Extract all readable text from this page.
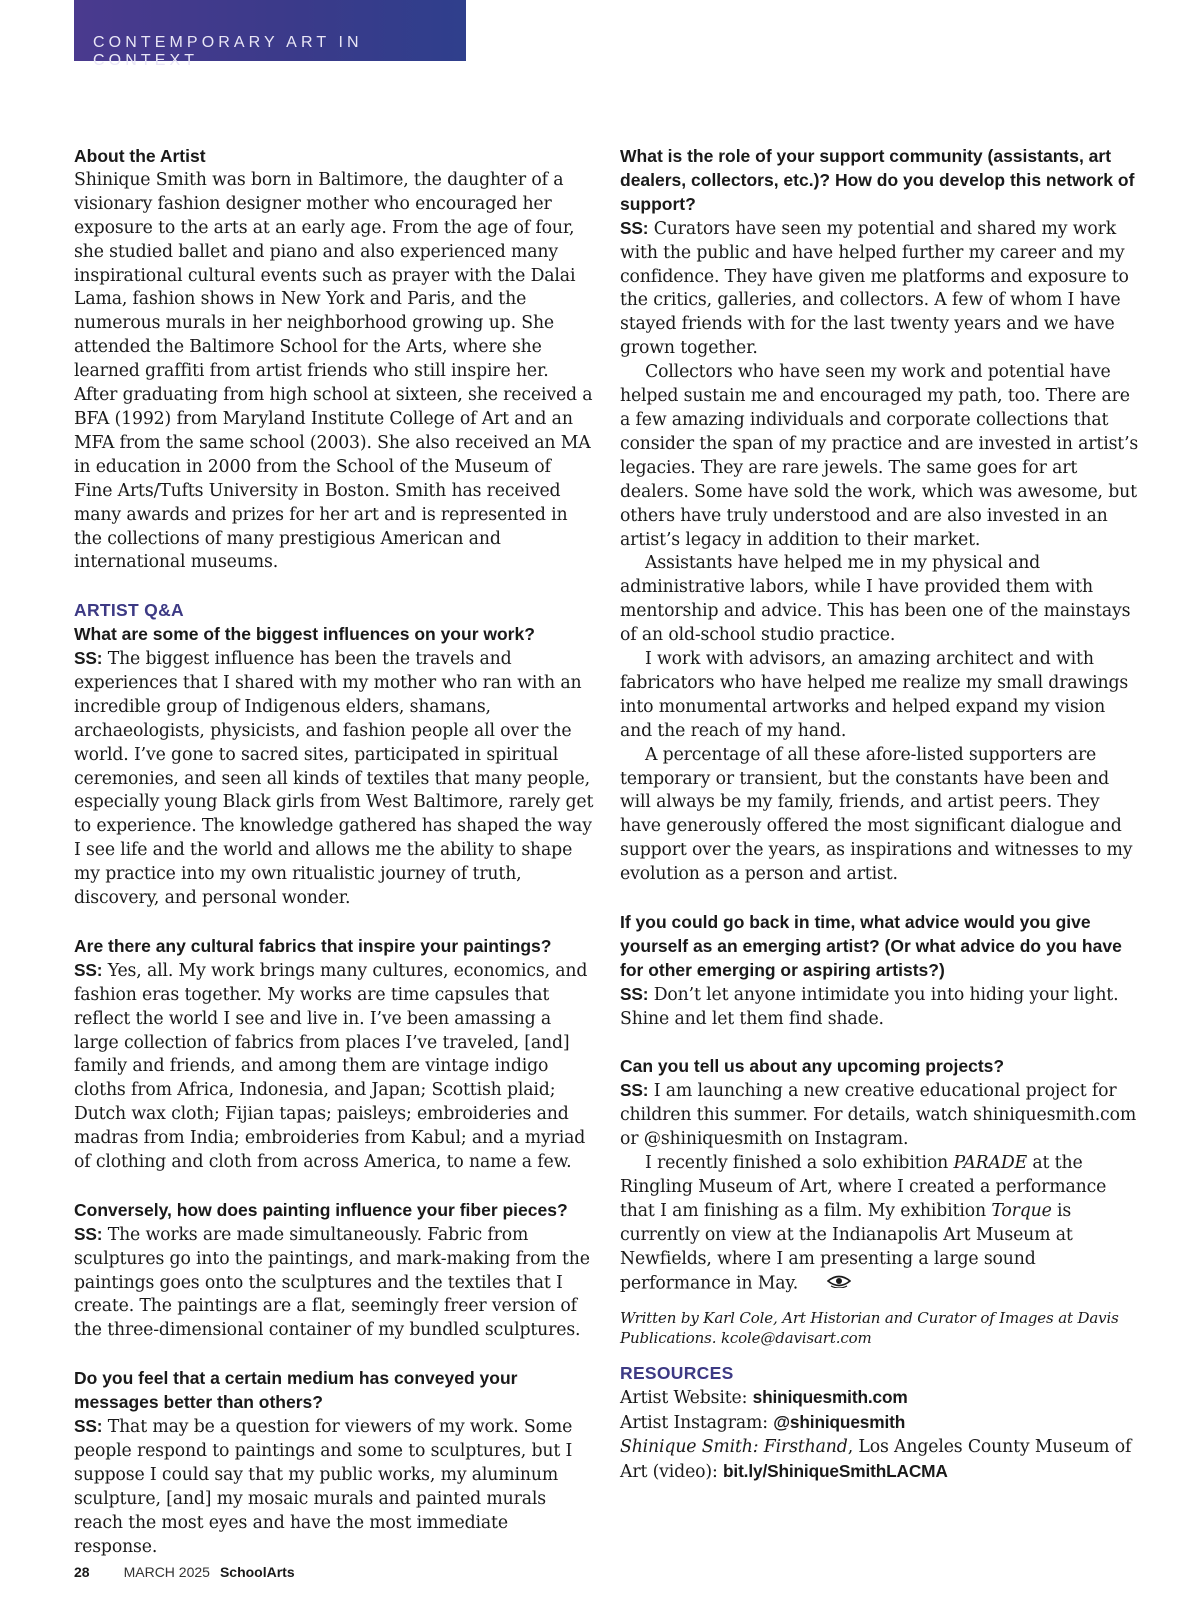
CONTEMPORARY ART IN CONTEXT

About the Artist

Shinique Smith was born in Baltimore, the daughter of a visionary fashion designer mother who encouraged her exposure to the arts at an early age. From the age of four, she studied ballet and piano and also experienced many inspirational cultural events such as prayer with the Dalai Lama, fashion shows in New York and Paris, and the numerous murals in her neighborhood growing up. She attended the Baltimore School for the Arts, where she learned graffiti from artist friends who still inspire her. After graduating from high school at sixteen, she received a BFA (1992) from Maryland Institute College of Art and an MFA from the same school (2003). She also received an MA in education in 2000 from the School of the Museum of Fine Arts/Tufts University in Boston. Smith has received many awards and prizes for her art and is represented in the collections of many prestigious American and international museums.

ARTIST Q&A

What are some of the biggest influences on your work?

SS: The biggest influence has been the travels and experiences that I shared with my mother who ran with an incredible group of Indigenous elders, shamans, archaeologists, physicists, and fashion people all over the world. I’ve gone to sacred sites, participated in spiritual ceremonies, and seen all kinds of textiles that many people, especially young Black girls from West Baltimore, rarely get to experience. The knowledge gathered has shaped the way I see life and the world and allows me the ability to shape my practice into my own ritualistic journey of truth, discovery, and personal wonder.

Are there any cultural fabrics that inspire your paintings?

SS: Yes, all. My work brings many cultures, economics, and fashion eras together. My works are time capsules that reflect the world I see and live in. I’ve been amassing a large collection of fabrics from places I’ve traveled, [and] family and friends, and among them are vintage indigo cloths from Africa, Indonesia, and Japan; Scottish plaid; Dutch wax cloth; Fijian tapas; paisleys; embroideries and madras from India; embroideries from Kabul; and a myriad of clothing and cloth from across America, to name a few.

Conversely, how does painting influence your fiber pieces?

SS: The works are made simultaneously. Fabric from sculptures go into the paintings, and mark-making from the paintings goes onto the sculptures and the textiles that I create. The paintings are a flat, seemingly freer version of the three-dimensional container of my bundled sculptures.

Do you feel that a certain medium has conveyed your messages better than others?

SS: That may be a question for viewers of my work. Some people respond to paintings and some to sculptures, but I suppose I could say that my public works, my aluminum sculpture, [and] my mosaic murals and painted murals reach the most eyes and have the most immediate response.

What is the role of your support community (assistants, art dealers, collectors, etc.)? How do you develop this network of support?

SS: Curators have seen my potential and shared my work with the public and have helped further my career and my confidence. They have given me platforms and exposure to the critics, galleries, and collectors. A few of whom I have stayed friends with for the last twenty years and we have grown together.

Collectors who have seen my work and potential have helped sustain me and encouraged my path, too. There are a few amazing individuals and corporate collections that consider the span of my practice and are invested in artist’s legacies. They are rare jewels. The same goes for art dealers. Some have sold the work, which was awesome, but others have truly understood and are also invested in an artist’s legacy in addition to their market.

Assistants have helped me in my physical and administrative labors, while I have provided them with mentorship and advice. This has been one of the mainstays of an old-school studio practice.

I work with advisors, an amazing architect and with fabricators who have helped me realize my small drawings into monumental artworks and helped expand my vision and the reach of my hand.

A percentage of all these afore-listed supporters are temporary or transient, but the constants have been and will always be my family, friends, and artist peers. They have generously offered the most significant dialogue and support over the years, as inspirations and witnesses to my evolution as a person and artist.

If you could go back in time, what advice would you give yourself as an emerging artist? (Or what advice do you have for other emerging or aspiring artists?)

SS: Don’t let anyone intimidate you into hiding your light. Shine and let them find shade.

Can you tell us about any upcoming projects?

SS: I am launching a new creative educational project for children this summer. For details, watch shiniquesmith.com or @shiniquesmith on Instagram.

I recently finished a solo exhibition PARADE at the Ringling Museum of Art, where I created a performance that I am finishing as a film. My exhibition Torque is currently on view at the Indianapolis Art Museum at Newfields, where I am presenting a large sound performance in May.

Written by Karl Cole, Art Historian and Curator of Images at Davis Publications. kcole@davisart.com

RESOURCES

Artist Website: shiniquesmith.com

Artist Instagram: @shiniquesmith

Shinique Smith: Firsthand, Los Angeles County Museum of Art (video): bit.ly/ShiniqueSmithLACMA

28 MARCH 2025 SchoolArts
